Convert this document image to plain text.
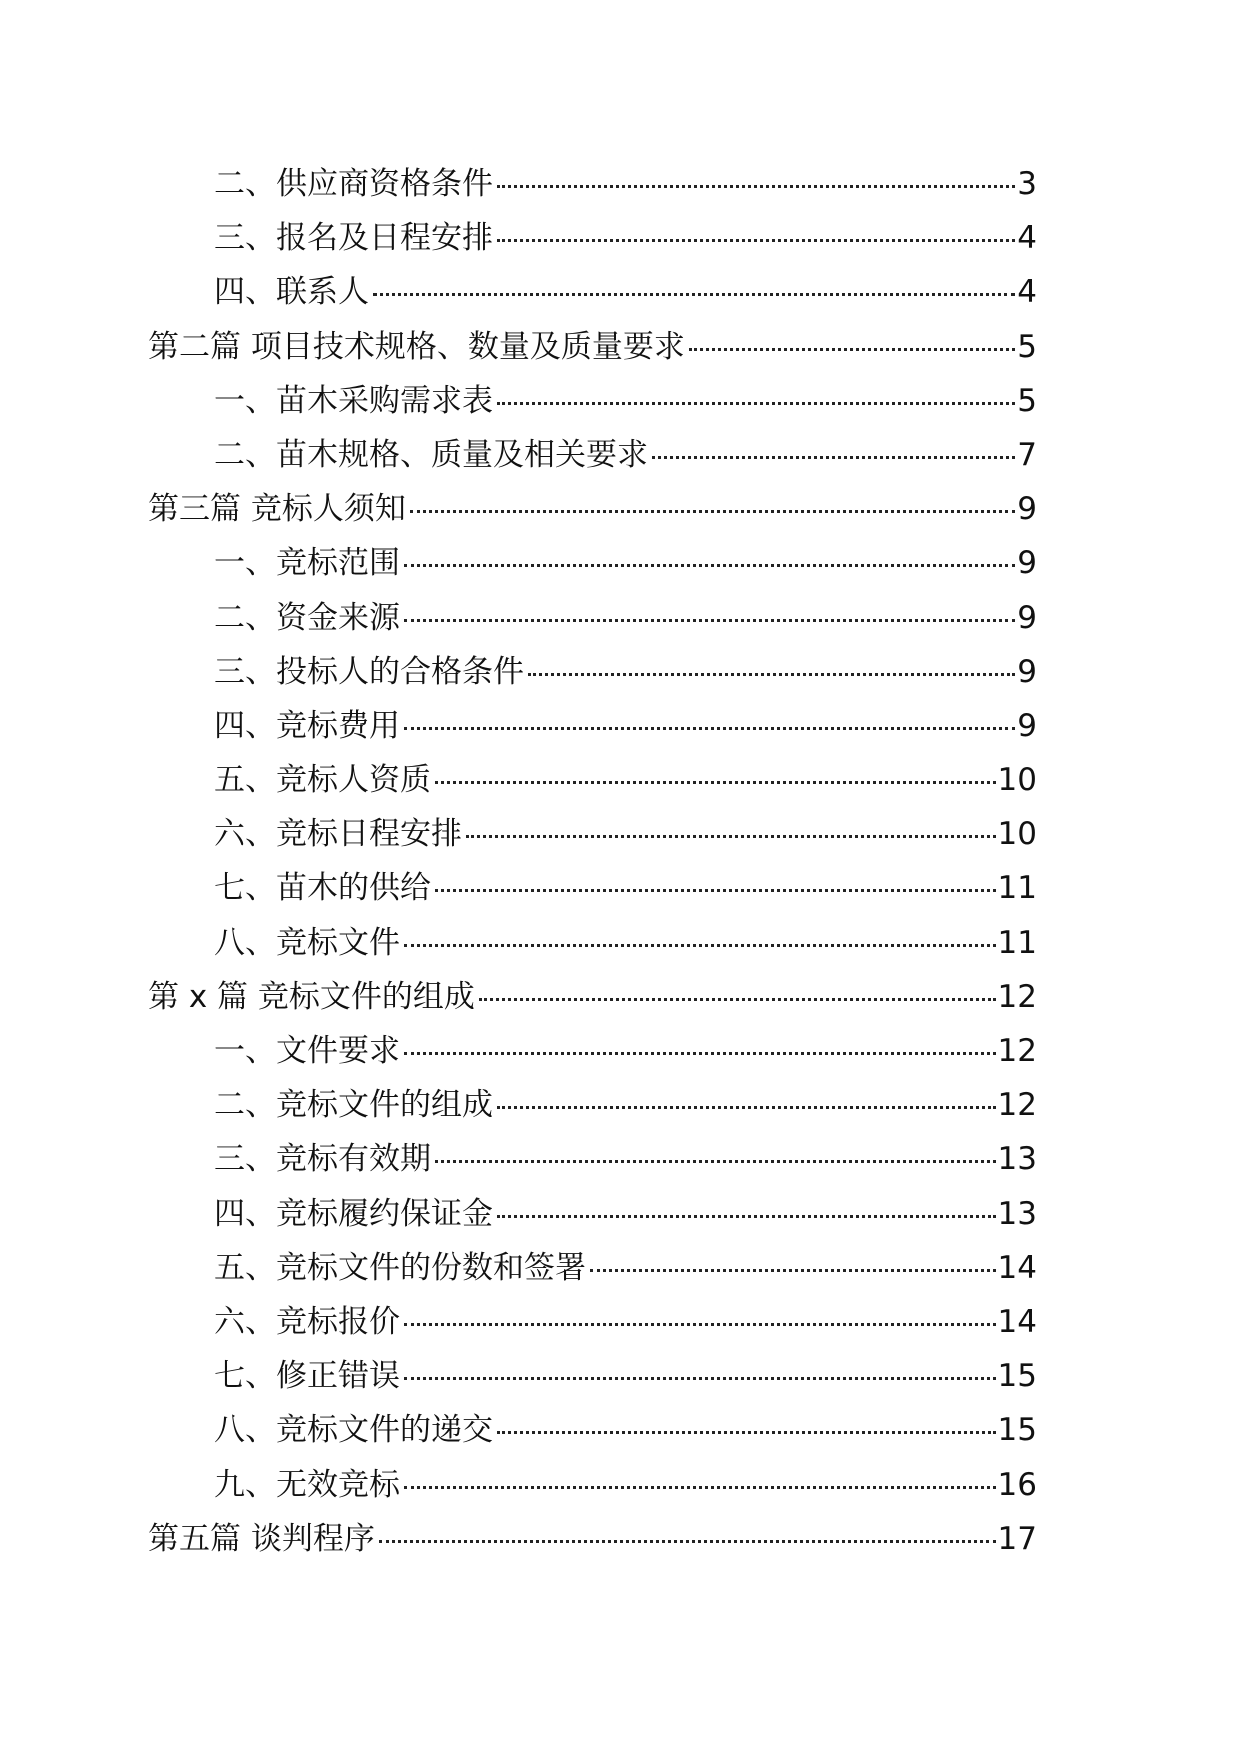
二、供应商资格条件	3
三、报名及日程安排	4
四、联系人	4
第二篇 项目技术规格、数量及质量要求	5
一、苗木采购需求表	5
二、苗木规格、质量及相关要求	7
第三篇 竞标人须知	9
一、竞标范围	9
二、资金来源	9
三、投标人的合格条件	9
四、竞标费用	9
五、竞标人资质	10
六、竞标日程安排	10
七、苗木的供给	11
八、竞标文件	11
第 x 篇 竞标文件的组成	12
一、文件要求	12
二、竞标文件的组成	12
三、竞标有效期	13
四、竞标履约保证金	13
五、竞标文件的份数和签署	14
六、竞标报价	14
七、修正错误	15
八、竞标文件的递交	15
九、无效竞标	16
第五篇 谈判程序	17
